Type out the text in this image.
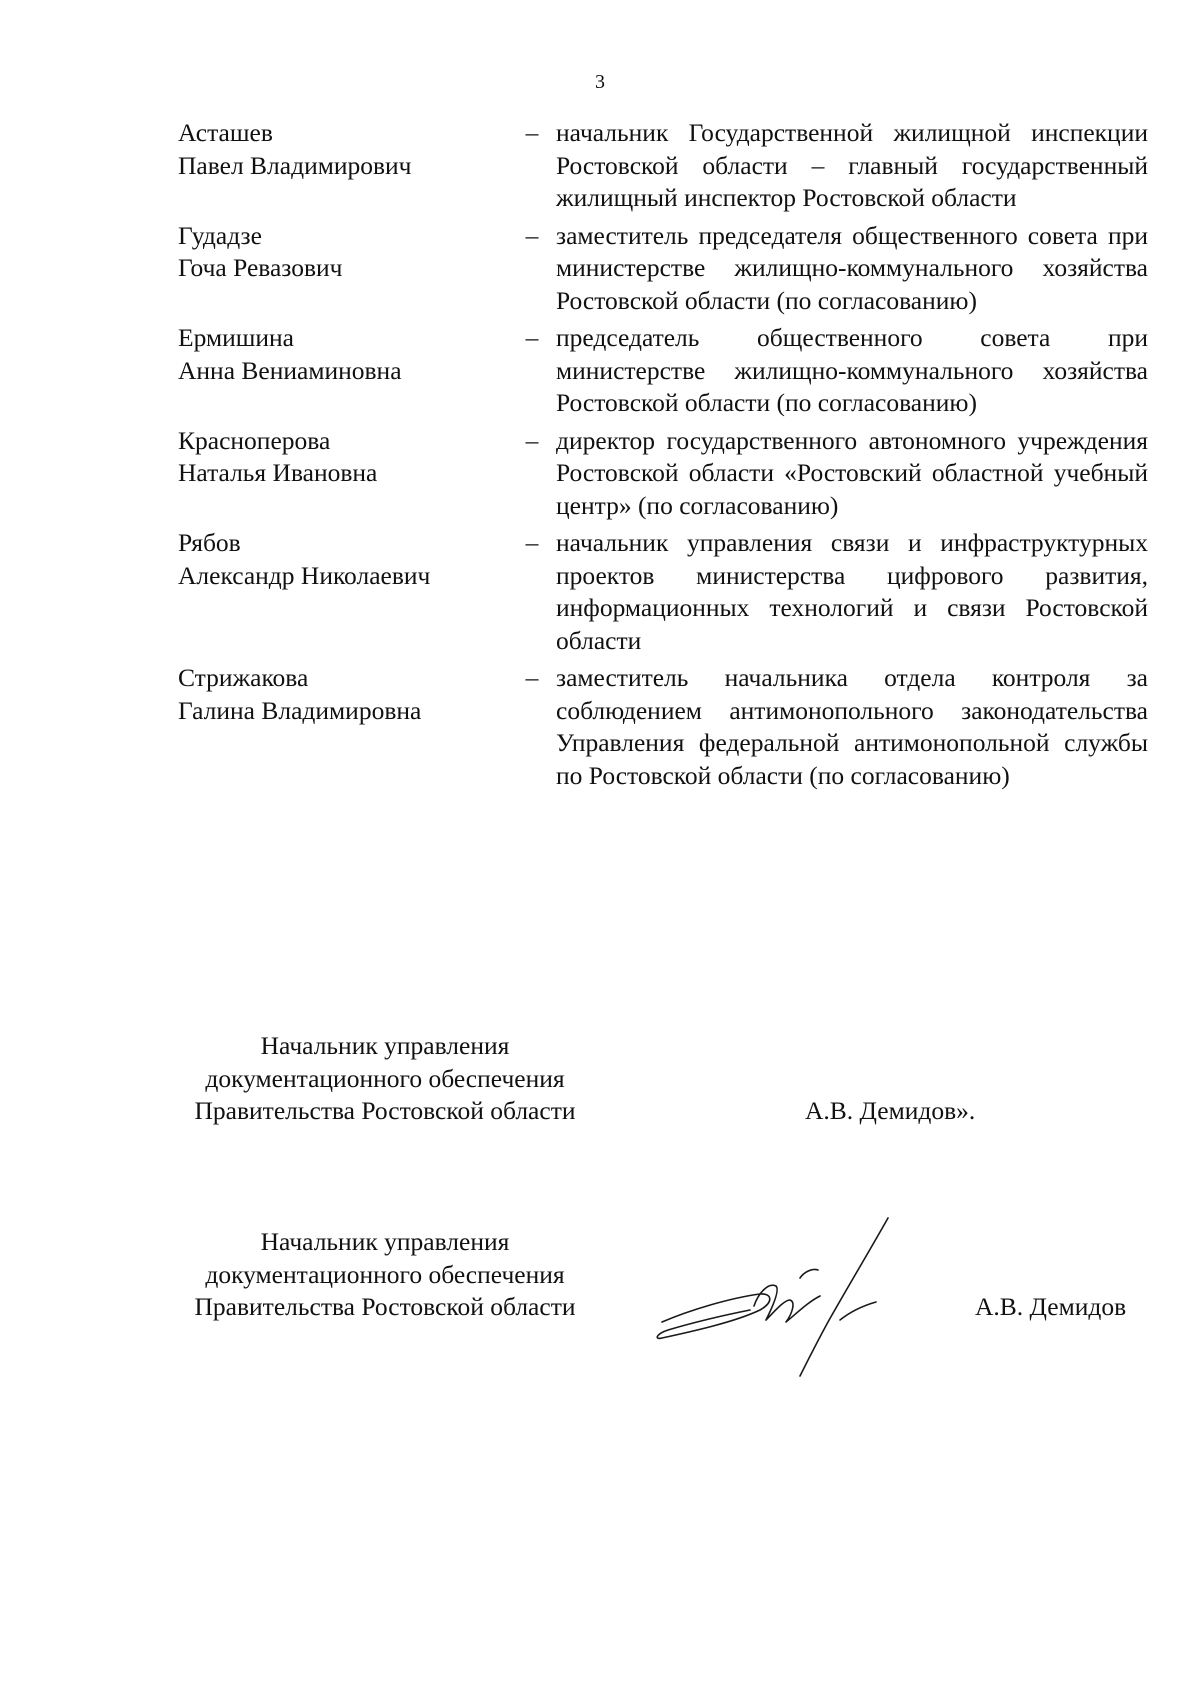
3
Асташев
Павел Владимирович
– начальник Государственной жилищной инспекции Ростовской области – главный государственный жилищный инспектор Ростовской области
Гудадзе
Гоча Ревазович
– заместитель председателя общественного совета при министерстве жилищно-коммунального хозяйства Ростовской области (по согласованию)
Ермишина
Анна Вениаминовна
– председатель общественного совета при министерстве жилищно-коммунального хозяйства Ростовской области (по согласованию)
Красноперова
Наталья Ивановна
– директор государственного автономного учреждения Ростовской области «Ростовский областной учебный центр» (по согласованию)
Рябов
Александр Николаевич
– начальник управления связи и инфраструктурных проектов министерства цифрового развития, информационных технологий и связи Ростовской области
Стрижакова
Галина Владимировна
– заместитель начальника отдела контроля за соблюдением антимонопольного законодательства Управления федеральной антимонопольной службы по Ростовской области (по согласованию)
Начальник управления
документационного обеспечения
Правительства Ростовской области	А.В. Демидов».
Начальник управления
документационного обеспечения
Правительства Ростовской области	А.В. Демидов
